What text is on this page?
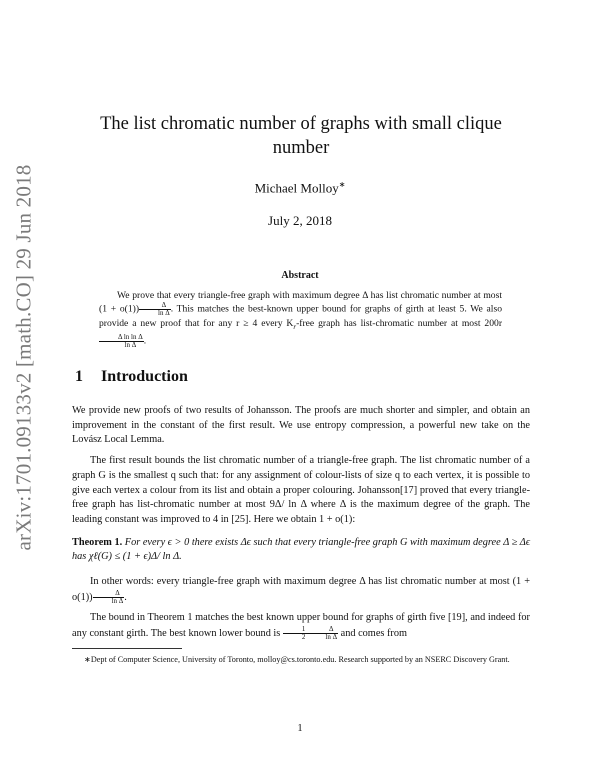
arXiv:1701.09133v2 [math.CO] 29 Jun 2018
The list chromatic number of graphs with small clique number
Michael Molloy∗
July 2, 2018
Abstract
We prove that every triangle-free graph with maximum degree Δ has list chromatic number at most $(1 + o(1)) \frac{\Delta}{\text{ln Δ}}$ . This matches the best-known upper bound for graphs of girth at least 5. We also provide a new proof that for any r ≥ 4 every $K_r$-free graph has list-chromatic number at most 200r
$\frac{\text{Δ ln ln Δ}}{\text{ln Δ}}$ .
1 Introduction

We provide new proofs of two results of Johansson. The proofs are much shorter and simpler, and obtain an improvement in the constant of the first result. We use entropy compression, a powerful new take on the Lovász Local Lemma.

The first result bounds the list chromatic number of a triangle-free graph. The list chromatic number of a graph G is the smallest q such that: for any assignment of colour-lists of size q to each vertex, it is possible to give each vertex a colour from its list and obtain a proper colouring. Johansson[17] proved that every triangle-free graph has list-chromatic number at most 9Δ/ ln Δ where Δ is the maximum degree of the graph. The leading constant was improved to 4 in [25]. Here we obtain 1 + o(1):

Theorem 1. For every ϵ > 0 there exists Δϵ such that every triangle-free graph G with maximum degree Δ ≥ Δϵ has χℓ(G) ≤ (1 + ϵ)Δ/ ln Δ.

In other words: every triangle-free graph with maximum degree Δ has list chromatic number at most $(1 + o(1)) \frac{\Delta}{\text{ln Δ}}$ .

The bound in Theorem 1 matches the best known upper bound for graphs of girth five [19], and indeed for any constant girth. The best known lower bound is $\frac{1}{2} \frac{\Delta}{\text{ln Δ}}$ and comes from

∗Dept of Computer Science, University of Toronto, molloy@cs.toronto.edu. Research supported by an NSERC Discovery Grant.
1
